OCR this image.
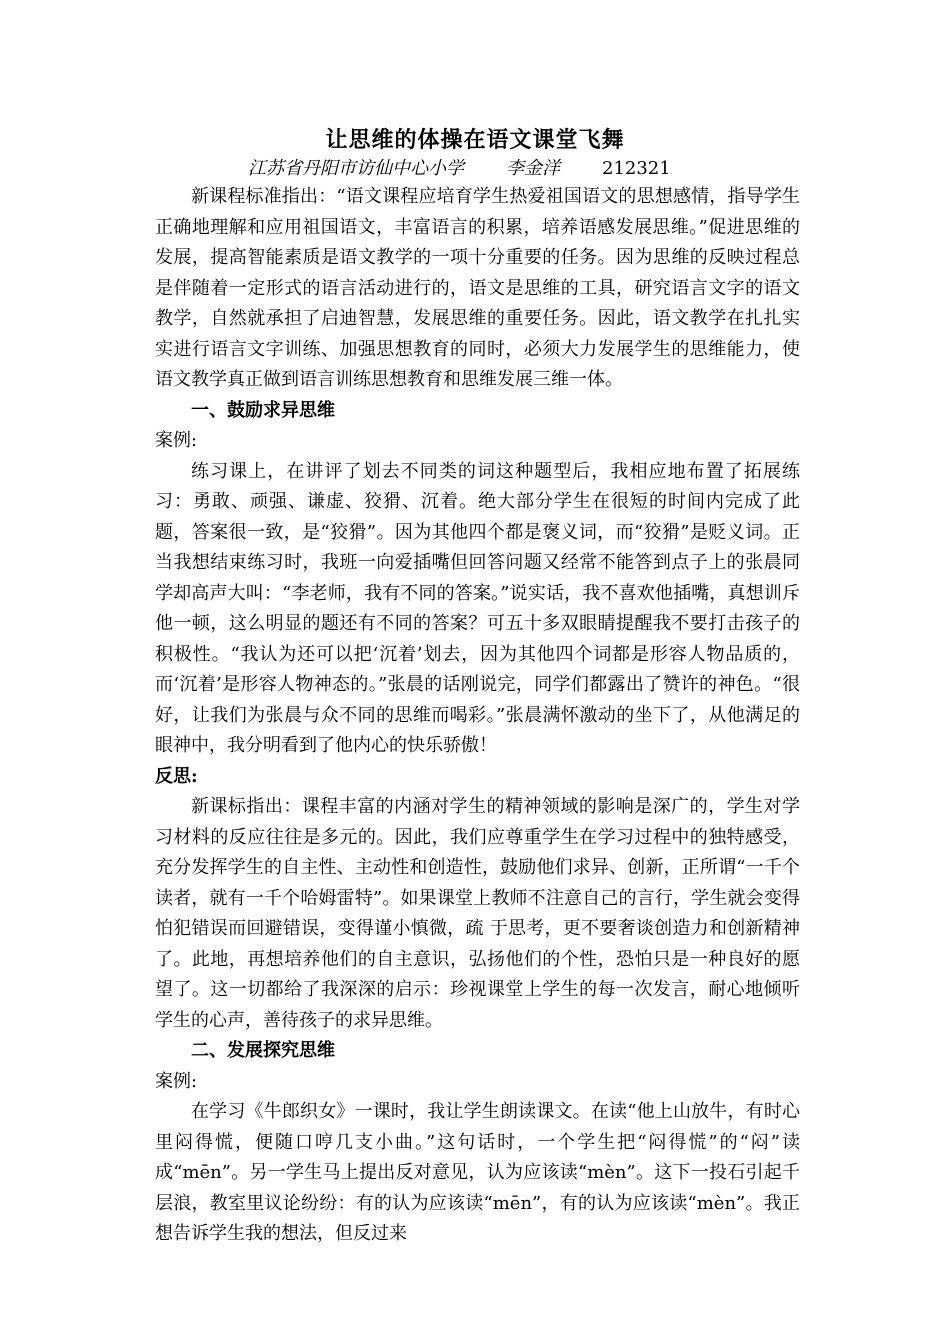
让思维的体操在语文课堂飞舞
江苏省丹阳市访仙中心小学 李金洋 212321

新课程标准指出：“语文课程应培育学生热爱祖国语文的思想感情，指导学生正确地理解和应用祖国语文，丰富语言的积累，培养语感发展思维。”促进思维的发展，提高智能素质是语文教学的一项十分重要的任务。因为思维的反映过程总是伴随着一定形式的语言活动进行的，语文是思维的工具，研究语言文字的语文教学，自然就承担了启迪智慧，发展思维的重要任务。因此，语文教学在扎扎实实进行语言文字训练、加强思想教育的同时，必须大力发展学生的思维能力，使语文教学真正做到语言训练思想教育和思维发展三维一体。

一、鼓励求异思维

案例:

练习课上，在讲评了划去不同类的词这种题型后，我相应地布置了拓展练习：勇敢、顽强、谦虚、狡猾、沉着。绝大部分学生在很短的时间内完成了此题，答案很一致，是“狡猾”。因为其他四个都是褒义词，而“狡猾”是贬义词。正当我想结束练习时，我班一向爱插嘴但回答问题又经常不能答到点子上的张晨同学却高声大叫：“李老师，我有不同的答案。”说实话，我不喜欢他插嘴，真想训斥他一顿，这么明显的题还有不同的答案？可五十多双眼睛提醒我不要打击孩子的积极性。“我认为还可以把‘沉着’划去，因为其他四个词都是形容人物品质的，而‘沉着’是形容人物神态的。”张晨的话刚说完，同学们都露出了赞许的神色。“很好，让我们为张晨与众不同的思维而喝彩。”张晨满怀激动的坐下了，从他满足的眼神中，我分明看到了他内心的快乐骄傲！

反思:

新课标指出：课程丰富的内涵对学生的精神领域的影响是深广的，学生对学习材料的反应往往是多元的。因此，我们应尊重学生在学习过程中的独特感受，充分发挥学生的自主性、主动性和创造性，鼓励他们求异、创新，正所谓“一千个读者，就有一千个哈姆雷特”。如果课堂上教师不注意自己的言行，学生就会变得怕犯错误而回避错误，变得谨小慎微，疏 于思考，更不要奢谈创造力和创新精神了。此地，再想培养他们的自主意识，弘扬他们的个性，恐怕只是一种良好的愿望了。这一切都给了我深深的启示：珍视课堂上学生的每一次发言，耐心地倾听学生的心声，善待孩子的求异思维。

二、发展探究思维

案例:

在学习《牛郎织女》一课时，我让学生朗读课文。在读“他上山放牛，有时心里闷得慌，便随口哼几支小曲。”这句话时，一个学生把“闷得慌”的“闷”读成“mēn”。另一学生马上提出反对意见，认为应该读“mèn”。这下一投石引起千层浪，教室里议论纷纷：有的认为应该读“mēn”，有的认为应该读“mèn”。我正想告诉学生我的想法，但反过来
